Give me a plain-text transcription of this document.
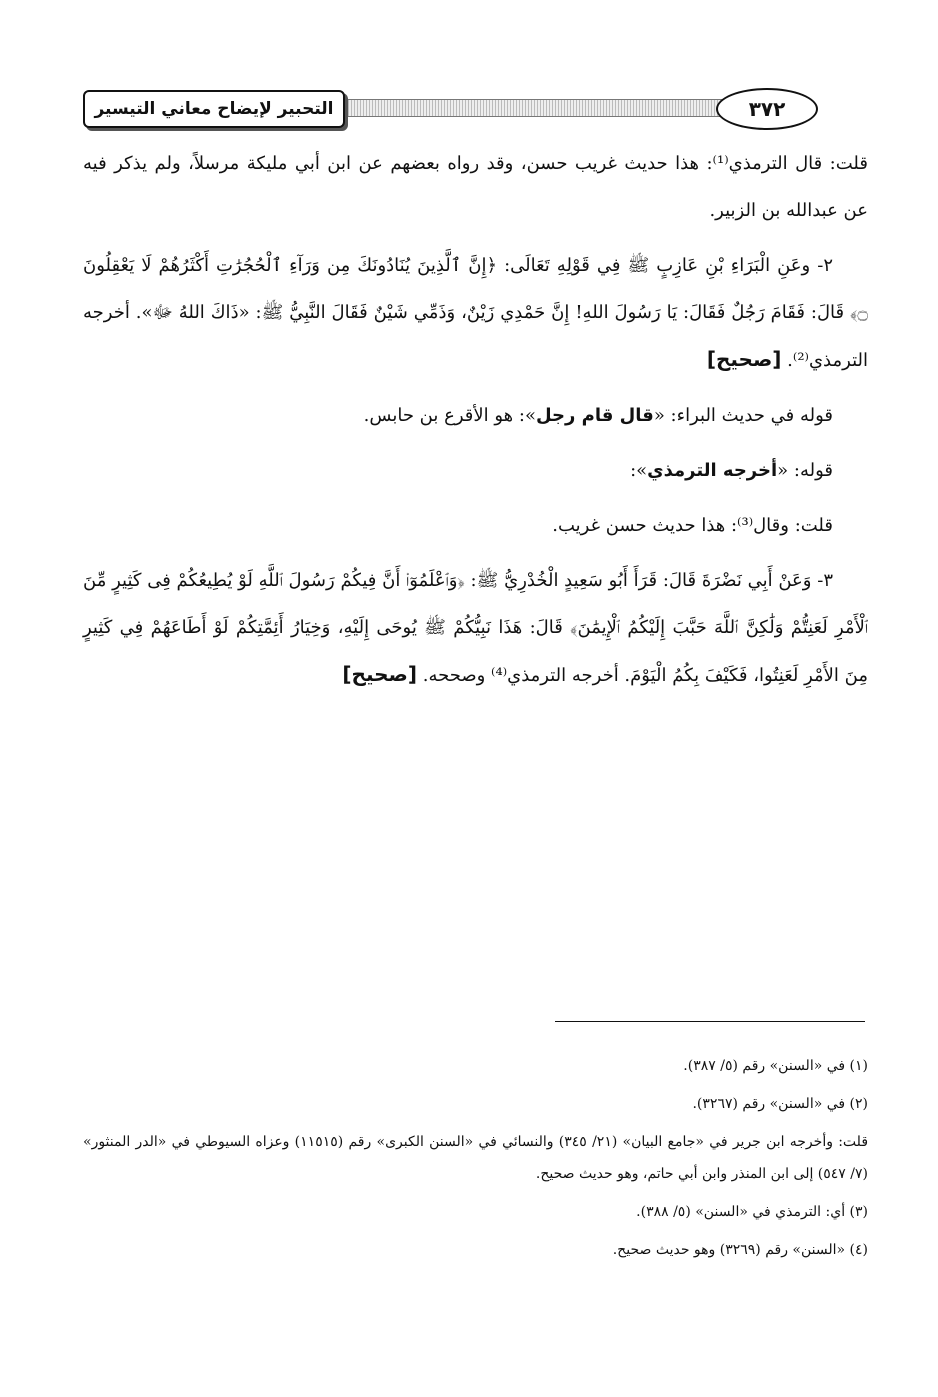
التحبير لإيضاح معاني التيسير	٣٧٢

قلت: قال الترمذي⁽¹⁾: هذا حديث غريب حسن، وقد رواه بعضهم عن ابن أبي مليكة مرسلاً، ولم يذكر فيه عن عبدالله بن الزبير.

٢- وعَنِ الْبَرَاءِ بْنِ عَازِبٍ ﷺ فِي قَوْلِهِ تَعَالَى: ﴿إِنَّ ٱلَّذِينَ يُنَادُونَكَ مِن وَرَآءِ ٱلْحُجُرَٰتِ أَكْثَرُهُمْ لَا يَعْقِلُونَ ۝﴾ قَالَ: فَقَامَ رَجُلٌ فَقَالَ: يَا رَسُولَ اللهِ! إِنَّ حَمْدِي زَيْنٌ، وَذَمِّي شَيْنٌ فَقَالَ النَّبِيُّ ﷺ: «ذَاكَ اللهُ ﷻ». أخرجه الترمذي⁽²⁾. [صحيح]

قوله في حديث البراء: «قال قام رجل»: هو الأقرع بن حابس.

قوله: «أخرجه الترمذي»:

قلت: وقال⁽³⁾: هذا حديث حسن غريب.

٣- وَعَنْ أَبِي نَضْرَةَ قَالَ: قَرَأَ أَبُو سَعِيدٍ الْخُدْرِيُّ ﷺ: ﴿وَٱعْلَمُوٓا۟ أَنَّ فِيكُمْ رَسُولَ ٱللَّهِ لَوْ يُطِيعُكُمْ فِى كَثِيرٍ مِّنَ ٱلْأَمْرِ لَعَنِتُّمْ وَلَٰكِنَّ ٱللَّهَ حَبَّبَ إِلَيْكُمُ ٱلْإِيمَٰنَ﴾ قَالَ: هَذَا نَبِيُّكُمْ ﷺ يُوحَى إِلَيْهِ، وَخِيَارُ أَئِمَّتِكُمْ لَوْ أَطَاعَهُمْ فِي كَثِيرٍ مِنَ الأَمْرِ لَعَنِتُوا، فَكَيْفَ بِكُمُ الْيَوْمَ. أخرجه الترمذي⁽⁴⁾ وصححه. [صحيح]

(١) في «السنن» رقم (٥/ ٣٨٧).

(٢) في «السنن» رقم (٣٢٦٧).

قلت: وأخرجه ابن جرير في «جامع البيان» (٢١/ ٣٤٥) والنسائي في «السنن الكبرى» رقم (١١٥١٥) وعزاه السيوطي في «الدر المنثور» (٧/ ٥٤٧) إلى ابن المنذر وابن أبي حاتم، وهو حديث صحيح.

(٣) أي: الترمذي في «السنن» (٥/ ٣٨٨).

(٤) «السنن» رقم (٣٢٦٩) وهو حديث صحيح.
